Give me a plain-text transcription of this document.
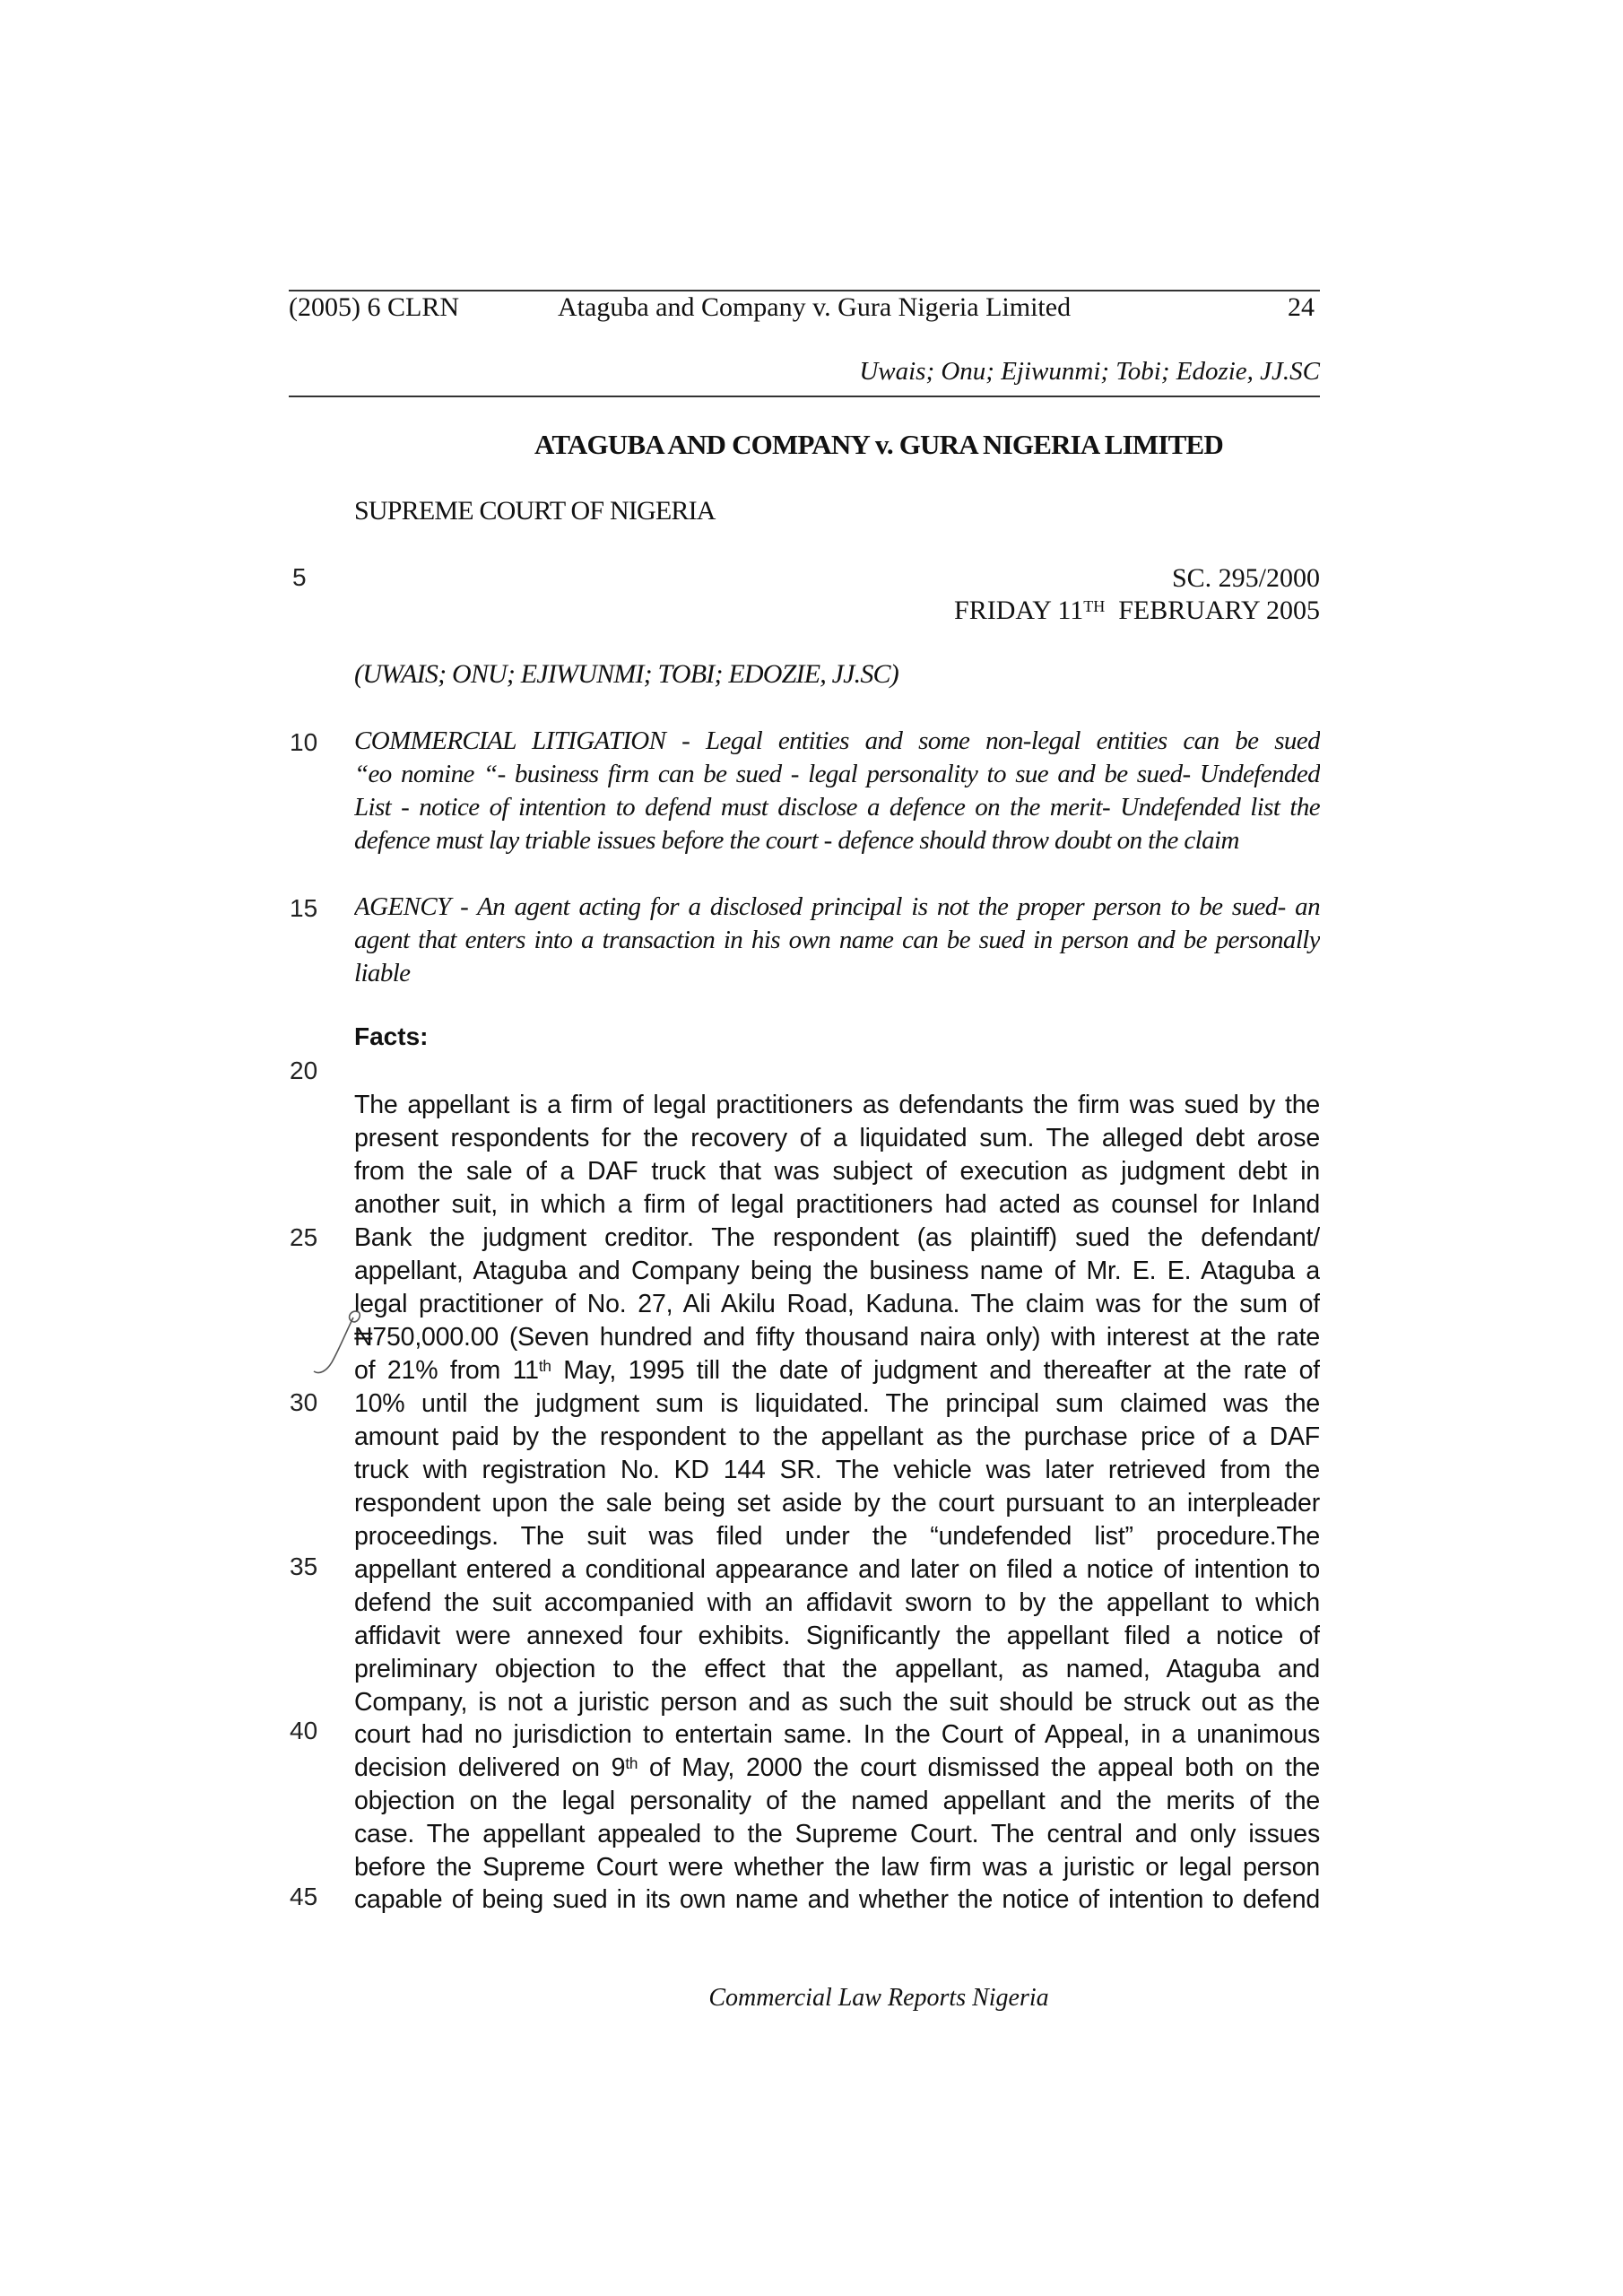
(2005) 6 CLRN	Ataguba and Company v. Gura Nigeria Limited	24
Uwais; Onu; Ejiwunmi; Tobi; Edozie, JJ.SC
ATAGUBA AND COMPANY v. GURA NIGERIA LIMITED
SUPREME COURT OF NIGERIA
SC. 295/2000
FRIDAY 11TH  FEBRUARY 2005
(UWAIS; ONU; EJIWUNMI; TOBI; EDOZIE, JJ.SC)
5
10
15
20
25
30
35
40
45
COMMERCIAL LITIGATION - Legal entities and some non-legal entities can be sued
“eo nomine “- business firm can be sued - legal personality to sue and be sued- Undefended
List - notice of intention to defend must disclose a defence on the merit- Undefended list the
defence must lay triable issues before the court - defence should throw doubt on the claim
AGENCY - An agent acting for a disclosed principal is not the proper person to be sued- an
agent that enters into a transaction in his own name can be sued in person and be personally
liable
Facts:
The appellant is a firm of legal practitioners as defendants the firm was sued by the
present respondents for the recovery of a liquidated sum. The alleged debt arose
from the sale of a DAF truck that was subject of execution as judgment debt in
another suit, in which a firm of legal practitioners had acted as counsel for Inland
Bank the judgment creditor. The respondent (as plaintiff) sued the defendant/
appellant, Ataguba and Company being the business name of Mr. E. E. Ataguba a
legal practitioner of No. 27, Ali Akilu Road, Kaduna. The claim was for the sum of
₦750,000.00 (Seven hundred and fifty thousand naira only) with interest at the rate
of 21% from 11th May, 1995 till the date of judgment and thereafter at the rate of
10% until the judgment sum is liquidated. The principal sum claimed was the
amount paid by the respondent to the appellant as the purchase price of a DAF
truck with registration No. KD 144 SR. The vehicle was later retrieved from the
respondent upon the sale being set aside by the court pursuant to an interpleader
proceedings. The suit was filed under the “undefended list” procedure.The
appellant entered a conditional appearance and later on filed a notice of intention to
defend the suit accompanied with an affidavit sworn to by the appellant to which
affidavit were annexed four exhibits. Significantly the appellant filed a notice of
preliminary objection to the effect that the appellant, as named, Ataguba and
Company, is not a juristic person and as such the suit should be struck out as the
court had no jurisdiction to entertain same. In the Court of Appeal, in a unanimous
decision delivered on 9th of May, 2000 the court dismissed the appeal both on the
objection on the legal personality of the named appellant and the merits of the
case. The appellant appealed to the Supreme Court. The central and only issues
before the Supreme Court were whether the law firm was a juristic or legal person
capable of being sued in its own name and whether the notice of intention to defend
Commercial Law Reports Nigeria
